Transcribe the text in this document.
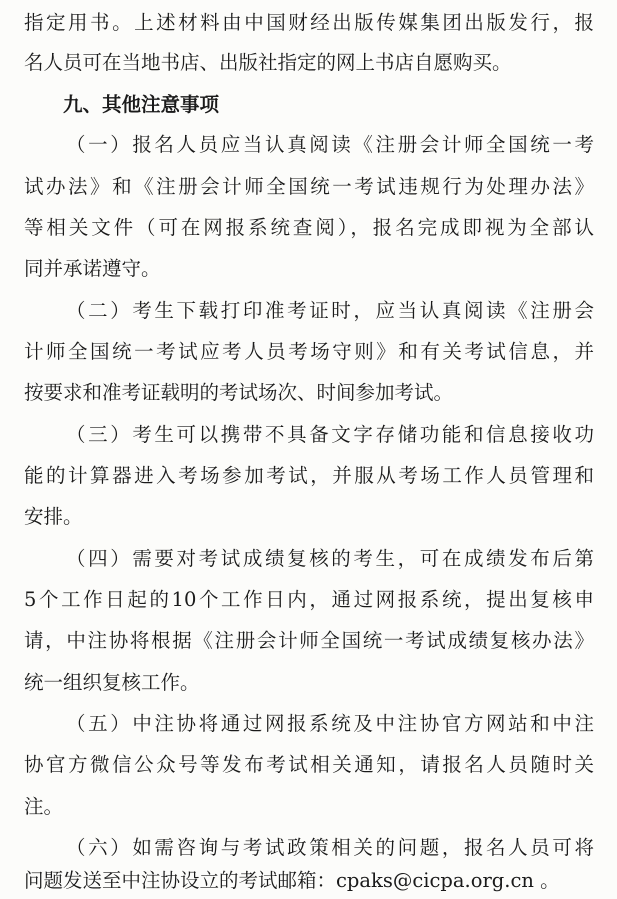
指定用书。上述材料由中国财经出版传媒集团出版发行，报
名人员可在当地书店、出版社指定的网上书店自愿购买。
九、其他注意事项
（一）报名人员应当认真阅读《注册会计师全国统一考
试办法》和《注册会计师全国统一考试违规行为处理办法》
等相关文件（可在网报系统查阅），报名完成即视为全部认
同并承诺遵守。
（二）考生下载打印准考证时，应当认真阅读《注册会
计师全国统一考试应考人员考场守则》和有关考试信息，并
按要求和准考证载明的考试场次、时间参加考试。
（三）考生可以携带不具备文字存储功能和信息接收功
能的计算器进入考场参加考试，并服从考场工作人员管理和
安排。
（四）需要对考试成绩复核的考生，可在成绩发布后第
5个工作日起的10个工作日内，通过网报系统，提出复核申
请，中注协将根据《注册会计师全国统一考试成绩复核办法》
统一组织复核工作。
（五）中注协将通过网报系统及中注协官方网站和中注
协官方微信公众号等发布考试相关通知，请报名人员随时关
注。
（六）如需咨询与考试政策相关的问题，报名人员可将
问题发送至中注协设立的考试邮箱：cpaks@cicpa.org.cn 。
